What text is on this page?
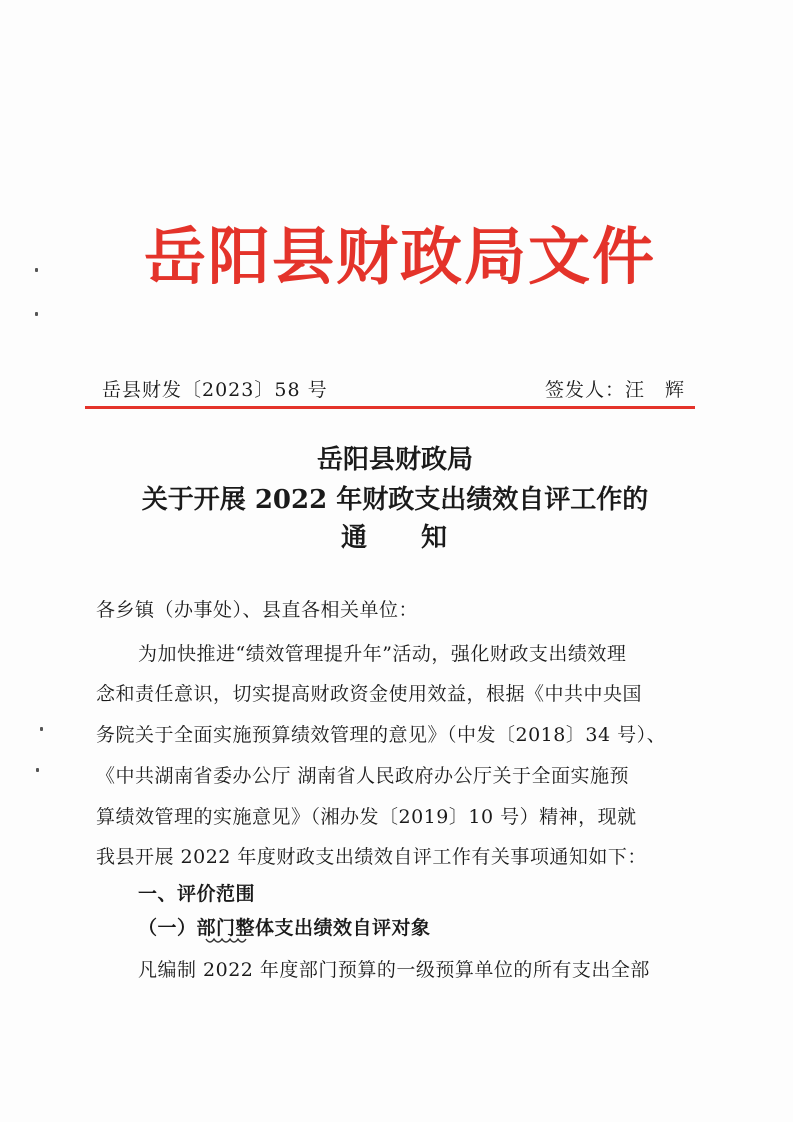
岳阳县财政局文件
岳县财发〔2023〕58 号	签发人：汪　辉
岳阳县财政局
关于开展 2022 年财政支出绩效自评工作的
通 知
各乡镇（办事处）、县直各相关单位：
为加快推进“绩效管理提升年”活动，强化财政支出绩效理
念和责任意识，切实提高财政资金使用效益，根据《中共中央国
务院关于全面实施预算绩效管理的意见》（中发〔2018〕34 号）、
《中共湖南省委办公厅 湖南省人民政府办公厅关于全面实施预
算绩效管理的实施意见》（湘办发〔2019〕10 号）精神，现就
我县开展 2022 年度财政支出绩效自评工作有关事项通知如下：
一、评价范围
（一）部门整体支出绩效自评对象
凡编制 2022 年度部门预算的一级预算单位的所有支出全部
